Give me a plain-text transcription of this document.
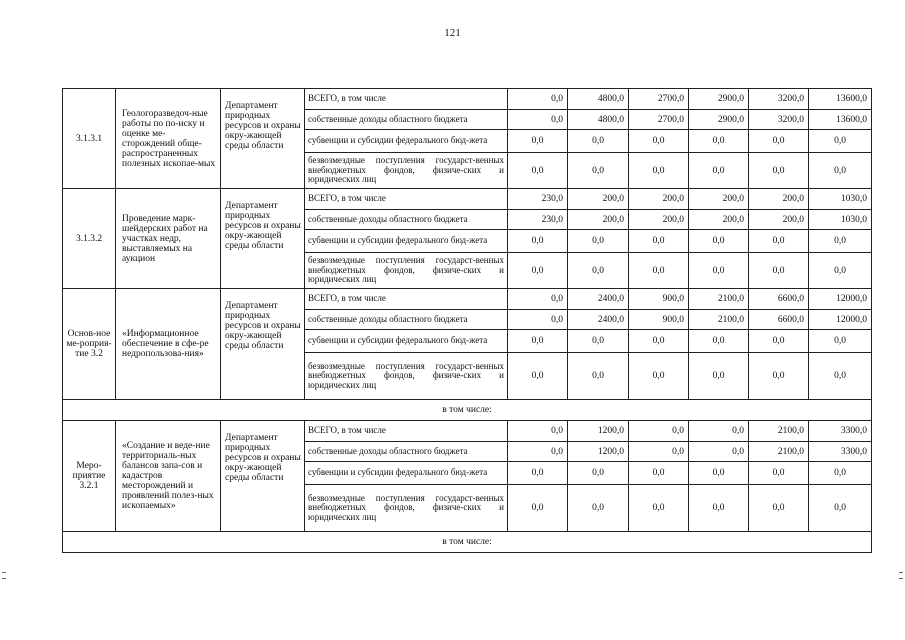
121
3.1.3.1	Геологоразведоч-ные работы по по-иску и оценке ме-сторождений обще-распространенных полезных ископае-мых	Департамент природных ресурсов и охраны окру-жающей среды области	ВСЕГО, в том числе	0,0	4800,0	2700,0	2900,0	3200,0	13600,0
			собственные доходы областного бюджета	0,0	4800,0	2700,0	2900,0	3200,0	13600,0
			субвенции и субсидии федерального бюд-жета	0,0	0,0	0,0	0,0	0,0	0,0
			безвозмездные поступления государст-венных внебюджетных фондов, физиче-ских и юридических лиц	0,0	0,0	0,0	0,0	0,0	0,0
3.1.3.2	Проведение марк-шейдерских работ на участках недр, выставляемых на аукцион	Департамент природных ресурсов и охраны окру-жающей среды области	ВСЕГО, в том числе	230,0	200,0	200,0	200,0	200,0	1030,0
			собственные доходы областного бюджета	230,0	200,0	200,0	200,0	200,0	1030,0
			субвенции и субсидии федерального бюд-жета	0,0	0,0	0,0	0,0	0,0	0,0
			безвозмездные поступления государст-венных внебюджетных фондов, физиче-ских и юридических лиц	0,0	0,0	0,0	0,0	0,0	0,0
Основ-ное ме-роприя-тие 3.2	«Информационное обеспечение в сфе-ре недропользова-ния»	Департамент природных ресурсов и охраны окру-жающей среды области	ВСЕГО, в том числе	0,0	2400,0	900,0	2100,0	6600,0	12000,0
			собственные доходы областного бюджета	0,0	2400,0	900,0	2100,0	6600,0	12000,0
			субвенции и субсидии федерального бюд-жета	0,0	0,0	0,0	0,0	0,0	0,0
			безвозмездные поступления государст-венных внебюджетных фондов, физиче-ских и юридических лиц	0,0	0,0	0,0	0,0	0,0	0,0
в том числе:									
Меро-приятие 3.2.1	«Создание и веде-ние территориаль-ных балансов запа-сов и кадастров месторождений и проявлений полез-ных ископаемых»	Департамент природных ресурсов и охраны окру-жающей среды области	ВСЕГО, в том числе	0,0	1200,0	0,0	0,0	2100,0	3300,0
			собственные доходы областного бюджета	0,0	1200,0	0,0	0,0	2100,0	3300,0
			субвенции и субсидии федерального бюд-жета	0,0	0,0	0,0	0,0	0,0	0,0
			безвозмездные поступления государст-венных внебюджетных фондов, физиче-ских и юридических лиц	0,0	0,0	0,0	0,0	0,0	0,0
в том числе:									
